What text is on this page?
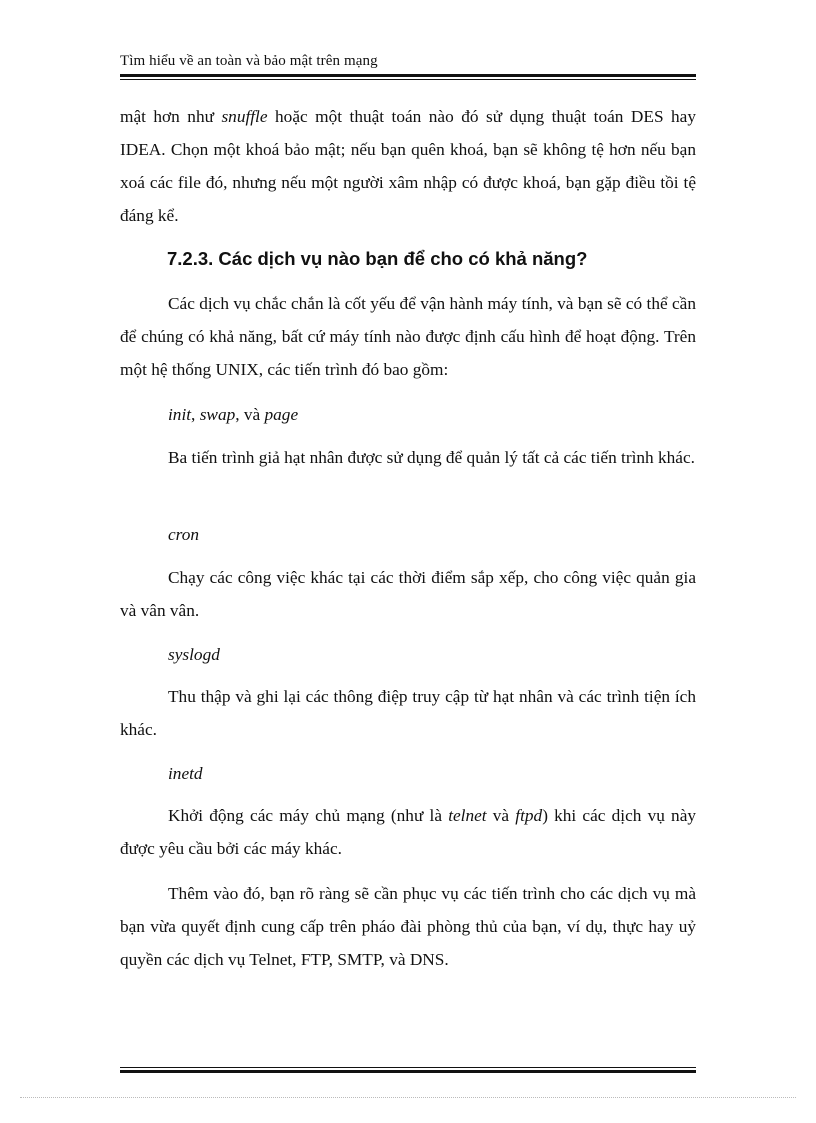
Tìm hiểu về an toàn và bảo mật trên mạng

mật hơn như snuffle hoặc một thuật toán nào đó sử dụng thuật toán DES hay IDEA. Chọn một khoá bảo mật; nếu bạn quên khoá, bạn sẽ không tệ hơn nếu bạn xoá các file đó, nhưng nếu một người xâm nhập có được khoá, bạn gặp điều tồi tệ đáng kể.

7.2.3. Các dịch vụ nào bạn để cho có khả năng?

Các dịch vụ chắc chắn là cốt yếu để vận hành máy tính, và bạn sẽ có thể cần để chúng có khả năng, bất cứ máy tính nào được định cấu hình để hoạt động. Trên một hệ thống UNIX, các tiến trình đó bao gồm:

init, swap, và page

Ba tiến trình giả hạt nhân được sử dụng để quản lý tất cả các tiến trình khác.

cron

Chạy các công việc khác tại các thời điểm sắp xếp, cho công việc quản gia và vân vân.

syslogd

Thu thập và ghi lại các thông điệp truy cập từ hạt nhân và các trình tiện ích khác.

inetd

Khởi động các máy chủ mạng (như là telnet và ftpd) khi các dịch vụ này được yêu cầu bởi các máy khác.

Thêm vào đó, bạn rõ ràng sẽ cần phục vụ các tiến trình cho các dịch vụ mà bạn vừa quyết định cung cấp trên pháo đài phòng thủ của bạn, ví dụ, thực hay uỷ quyền các dịch vụ Telnet, FTP, SMTP, và DNS.
